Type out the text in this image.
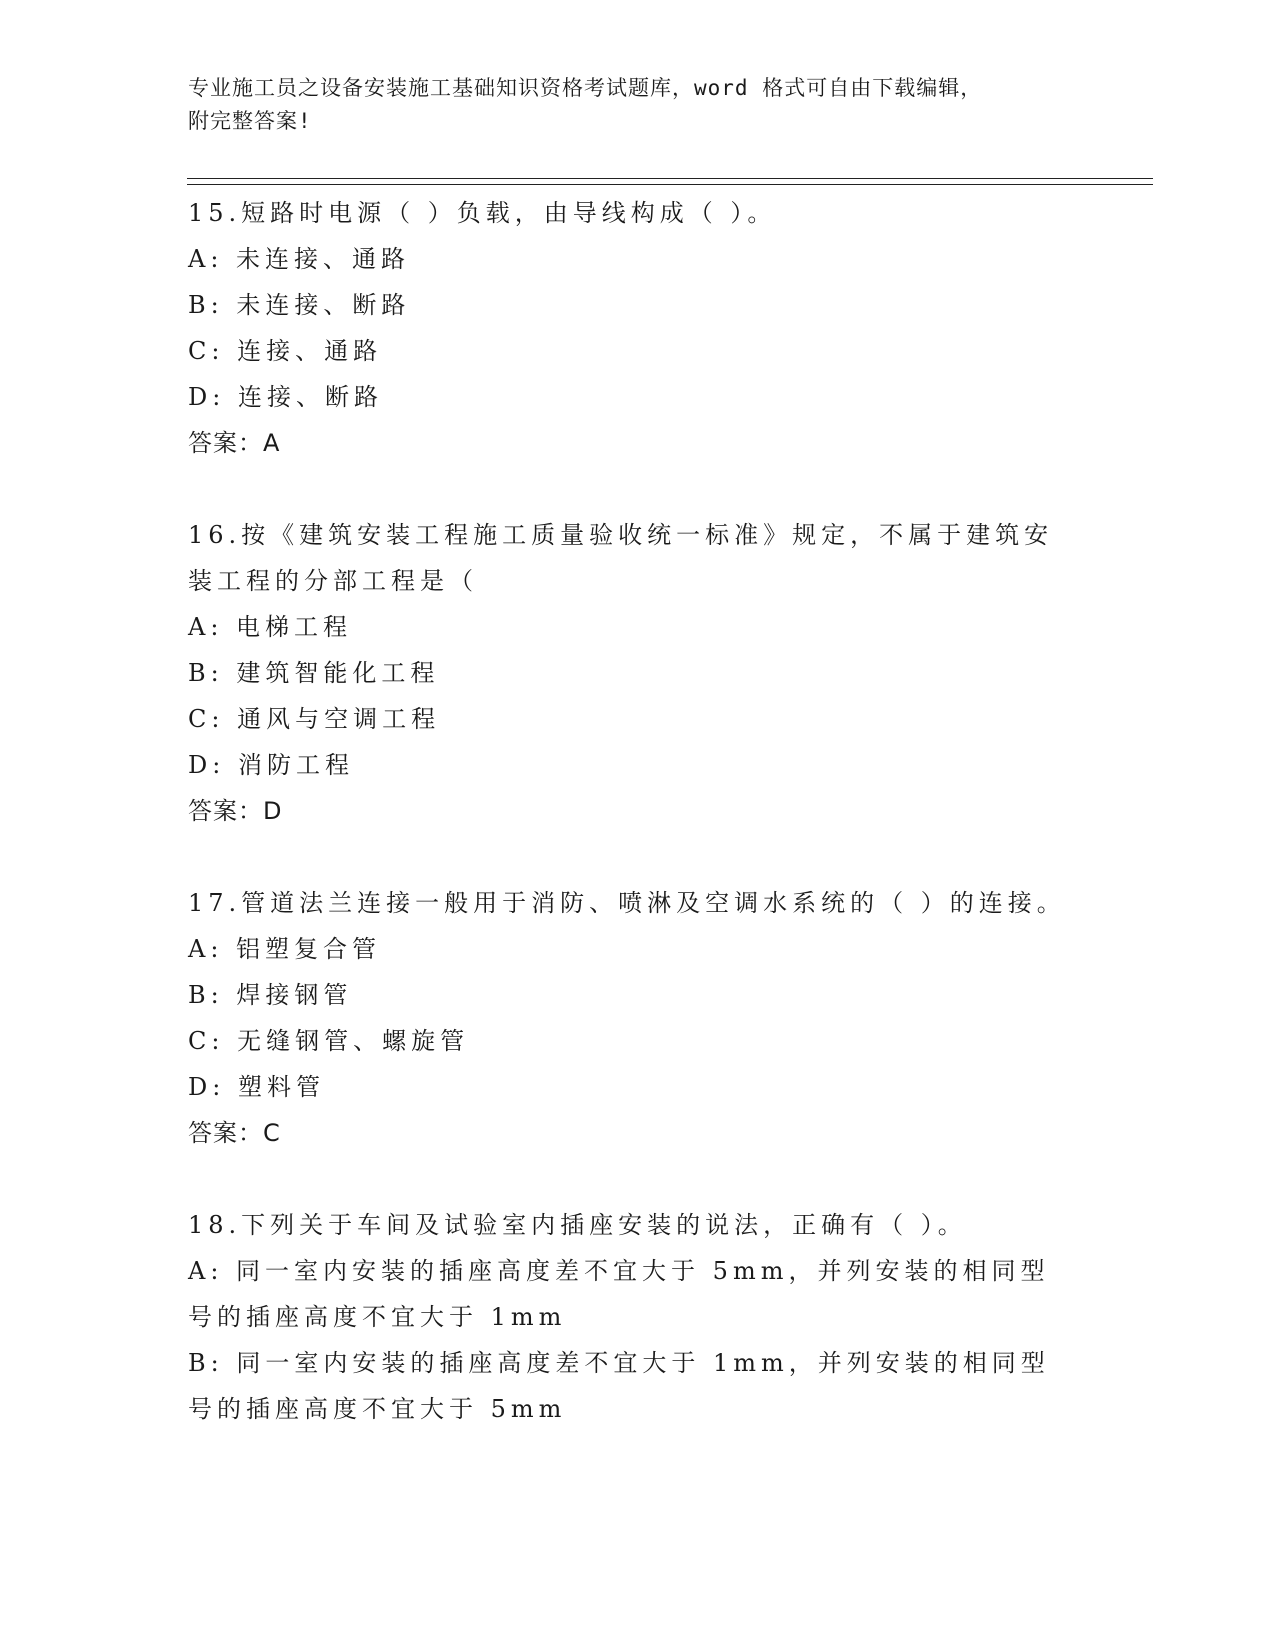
专业施工员之设备安装施工基础知识资格考试题库，word 格式可自由下载编辑，
附完整答案!
15.短路时电源（ ）负载，由导线构成（ ）。
A: 未连接、通路
B: 未连接、断路
C: 连接、通路
D: 连接、断路
答案：A
16.按《建筑安装工程施工质量验收统一标准》规定，不属于建筑安装工程的分部工程是（
A: 电梯工程
B: 建筑智能化工程
C: 通风与空调工程
D: 消防工程
答案：D
17.管道法兰连接一般用于消防、喷淋及空调水系统的（ ）的连接。
A: 铝塑复合管
B: 焊接钢管
C: 无缝钢管、螺旋管
D: 塑料管
答案：C
18.下列关于车间及试验室内插座安装的说法，正确有（ ）。
A: 同一室内安装的插座高度差不宜大于 5mm，并列安装的相同型号的插座高度不宜大于 1mm
B: 同一室内安装的插座高度差不宜大于 1mm，并列安装的相同型号的插座高度不宜大于 5mm
